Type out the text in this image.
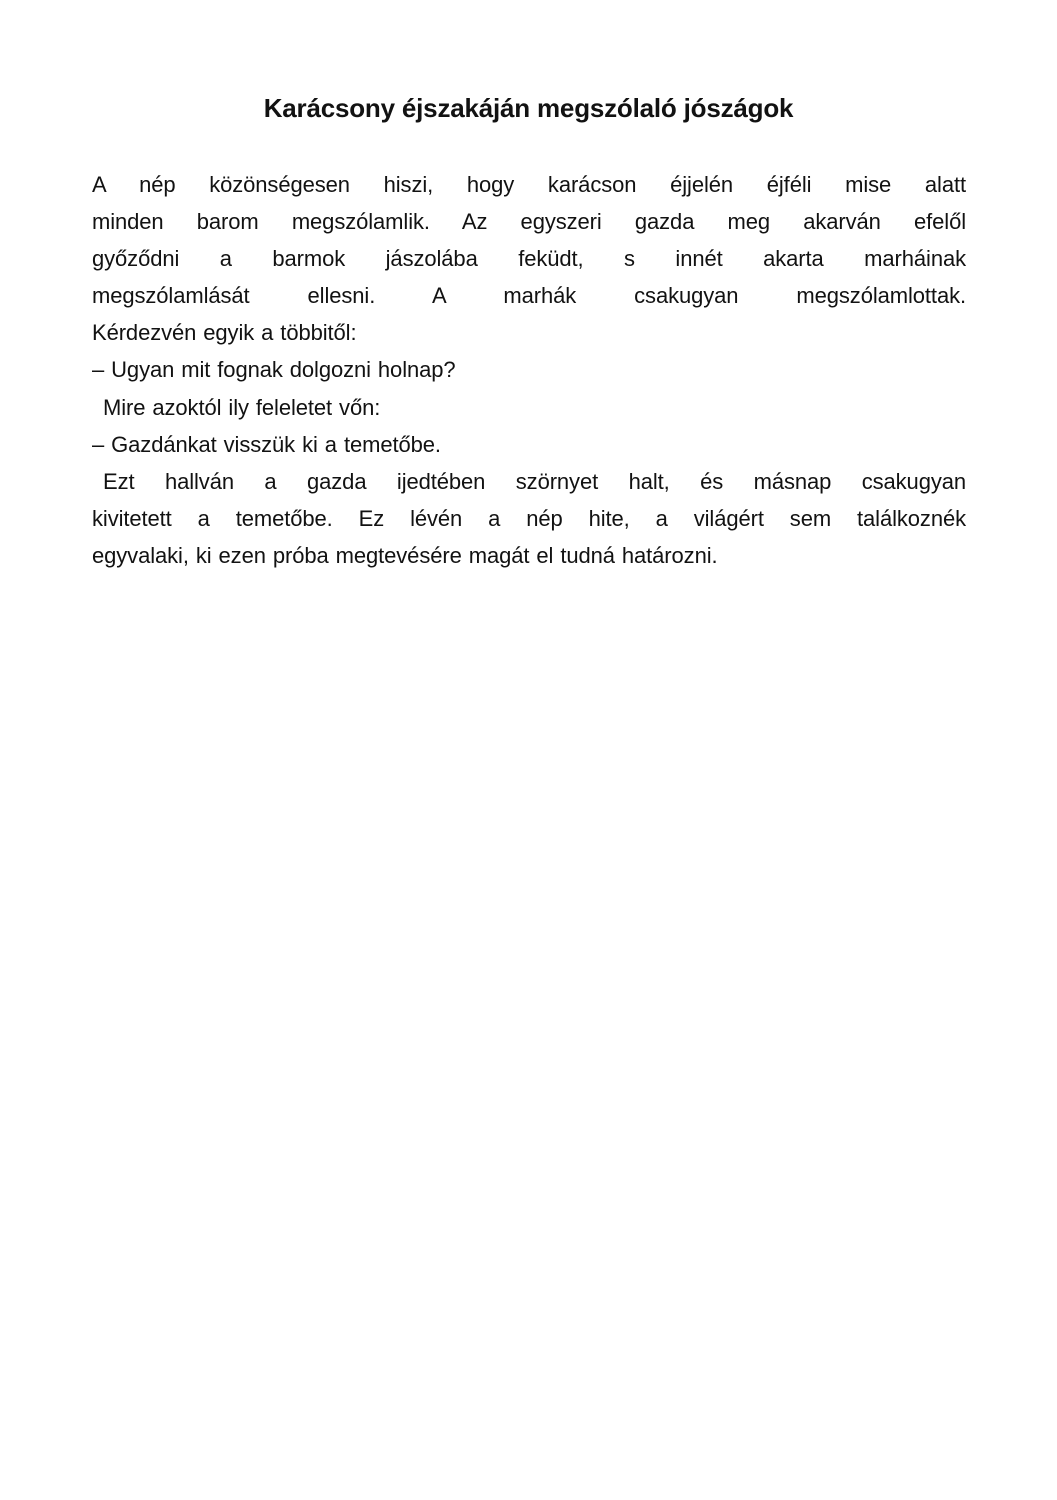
Karácsony éjszakáján megszólaló jószágok
A nép közönségesen hiszi, hogy karácson éjjelén éjféli mise alatt
minden barom megszólamlik. Az egyszeri gazda meg akarván efelől
győződni a barmok jászolába feküdt, s innét akarta marháinak
megszólamlását ellesni. A marhák csakugyan megszólamlottak.
Kérdezvén egyik a többitől:
– Ugyan mit fognak dolgozni holnap?
Mire azoktól ily feleletet vőn:
– Gazdánkat visszük ki a temetőbe.
Ezt hallván a gazda ijedtében szörnyet halt, és másnap csakugyan
kivitetett a temetőbe. Ez lévén a nép hite, a világért sem találkoznék
egyvalaki, ki ezen próba megtevésére magát el tudná határozni.
